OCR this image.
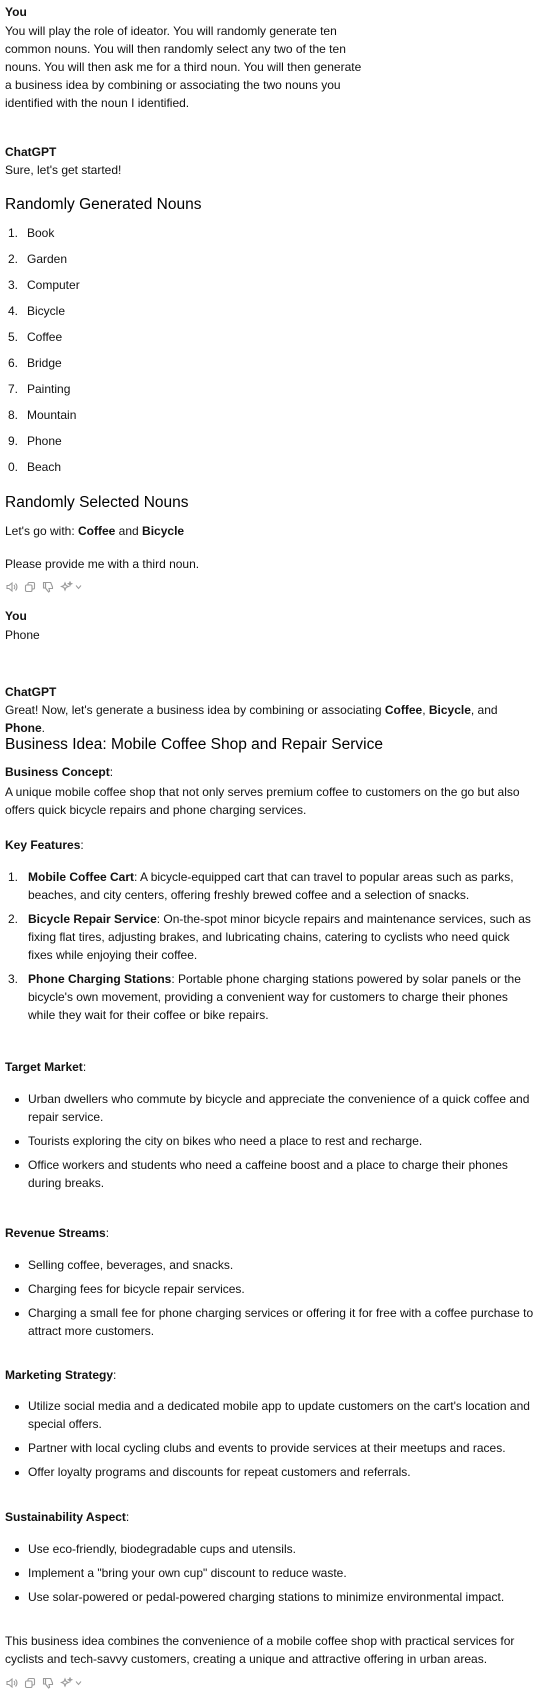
You
You will play the role of ideator. You will randomly generate ten common nouns. You will then randomly select any two of the ten nouns. You will then ask me for a third noun. You will then generate a business idea by combining or associating the two nouns you identified with the noun I identified.
ChatGPT
Sure, let's get started!
Randomly Generated Nouns
1. Book
2. Garden
3. Computer
4. Bicycle
5. Coffee
6. Bridge
7. Painting
8. Mountain
9. Phone
0. Beach
Randomly Selected Nouns
Let's go with: Coffee and Bicycle
Please provide me with a third noun.
You
Phone
ChatGPT
Great! Now, let's generate a business idea by combining or associating Coffee, Bicycle, and Phone.
Business Idea: Mobile Coffee Shop and Repair Service
Business Concept:
A unique mobile coffee shop that not only serves premium coffee to customers on the go but also offers quick bicycle repairs and phone charging services.
Key Features:
1. Mobile Coffee Cart: A bicycle-equipped cart that can travel to popular areas such as parks, beaches, and city centers, offering freshly brewed coffee and a selection of snacks.
2. Bicycle Repair Service: On-the-spot minor bicycle repairs and maintenance services, such as fixing flat tires, adjusting brakes, and lubricating chains, catering to cyclists who need quick fixes while enjoying their coffee.
3. Phone Charging Stations: Portable phone charging stations powered by solar panels or the bicycle's own movement, providing a convenient way for customers to charge their phones while they wait for their coffee or bike repairs.
Target Market:
Urban dwellers who commute by bicycle and appreciate the convenience of a quick coffee and repair service.
Tourists exploring the city on bikes who need a place to rest and recharge.
Office workers and students who need a caffeine boost and a place to charge their phones during breaks.
Revenue Streams:
Selling coffee, beverages, and snacks.
Charging fees for bicycle repair services.
Charging a small fee for phone charging services or offering it for free with a coffee purchase to attract more customers.
Marketing Strategy:
Utilize social media and a dedicated mobile app to update customers on the cart's location and special offers.
Partner with local cycling clubs and events to provide services at their meetups and races.
Offer loyalty programs and discounts for repeat customers and referrals.
Sustainability Aspect:
Use eco-friendly, biodegradable cups and utensils.
Implement a "bring your own cup" discount to reduce waste.
Use solar-powered or pedal-powered charging stations to minimize environmental impact.
This business idea combines the convenience of a mobile coffee shop with practical services for cyclists and tech-savvy customers, creating a unique and attractive offering in urban areas.
